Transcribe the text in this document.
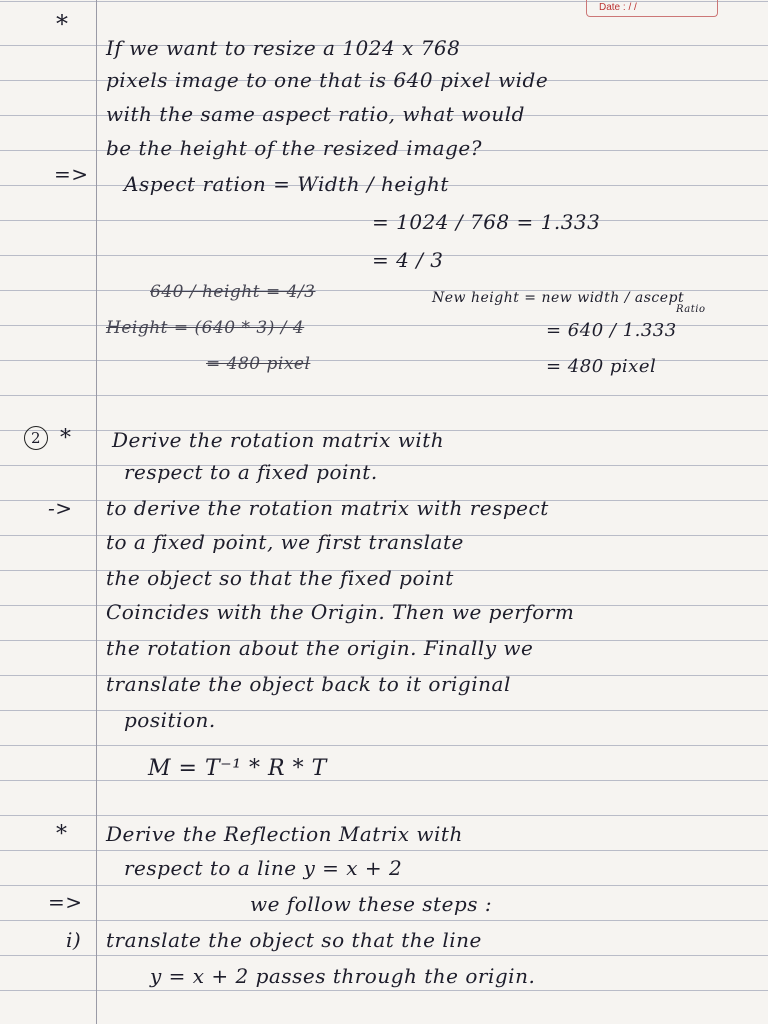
Date : / /
*
If we want to resize a 1024 x 768
pixels image to one that is 640 pixel wide
with the same aspect ratio, what would
be the height of the resized image?
=> Aspect ration = Width / height
= 1024 / 768 = 1.333
= 4 / 3
640 / height = 4/3
Height = (640 * 3) / 4
= 480 pixel
New height = new width / ascept
Ratio
= 640 / 1.333
= 480 pixel
2 * Derive the rotation matrix with
respect to a fixed point.
-> to derive the rotation matrix with respect
to a fixed point, we first translate
the object so that the fixed point
Coincides with the Origin. Then we perform
the rotation about the origin. Finally we
translate the object back to it original
position.
M = T⁻¹ * R * T
* Derive the Reflection Matrix with
respect to a line y = x + 2
=>	we follow these steps :
i) translate the object so that the line
y = x + 2 passes through the origin.
